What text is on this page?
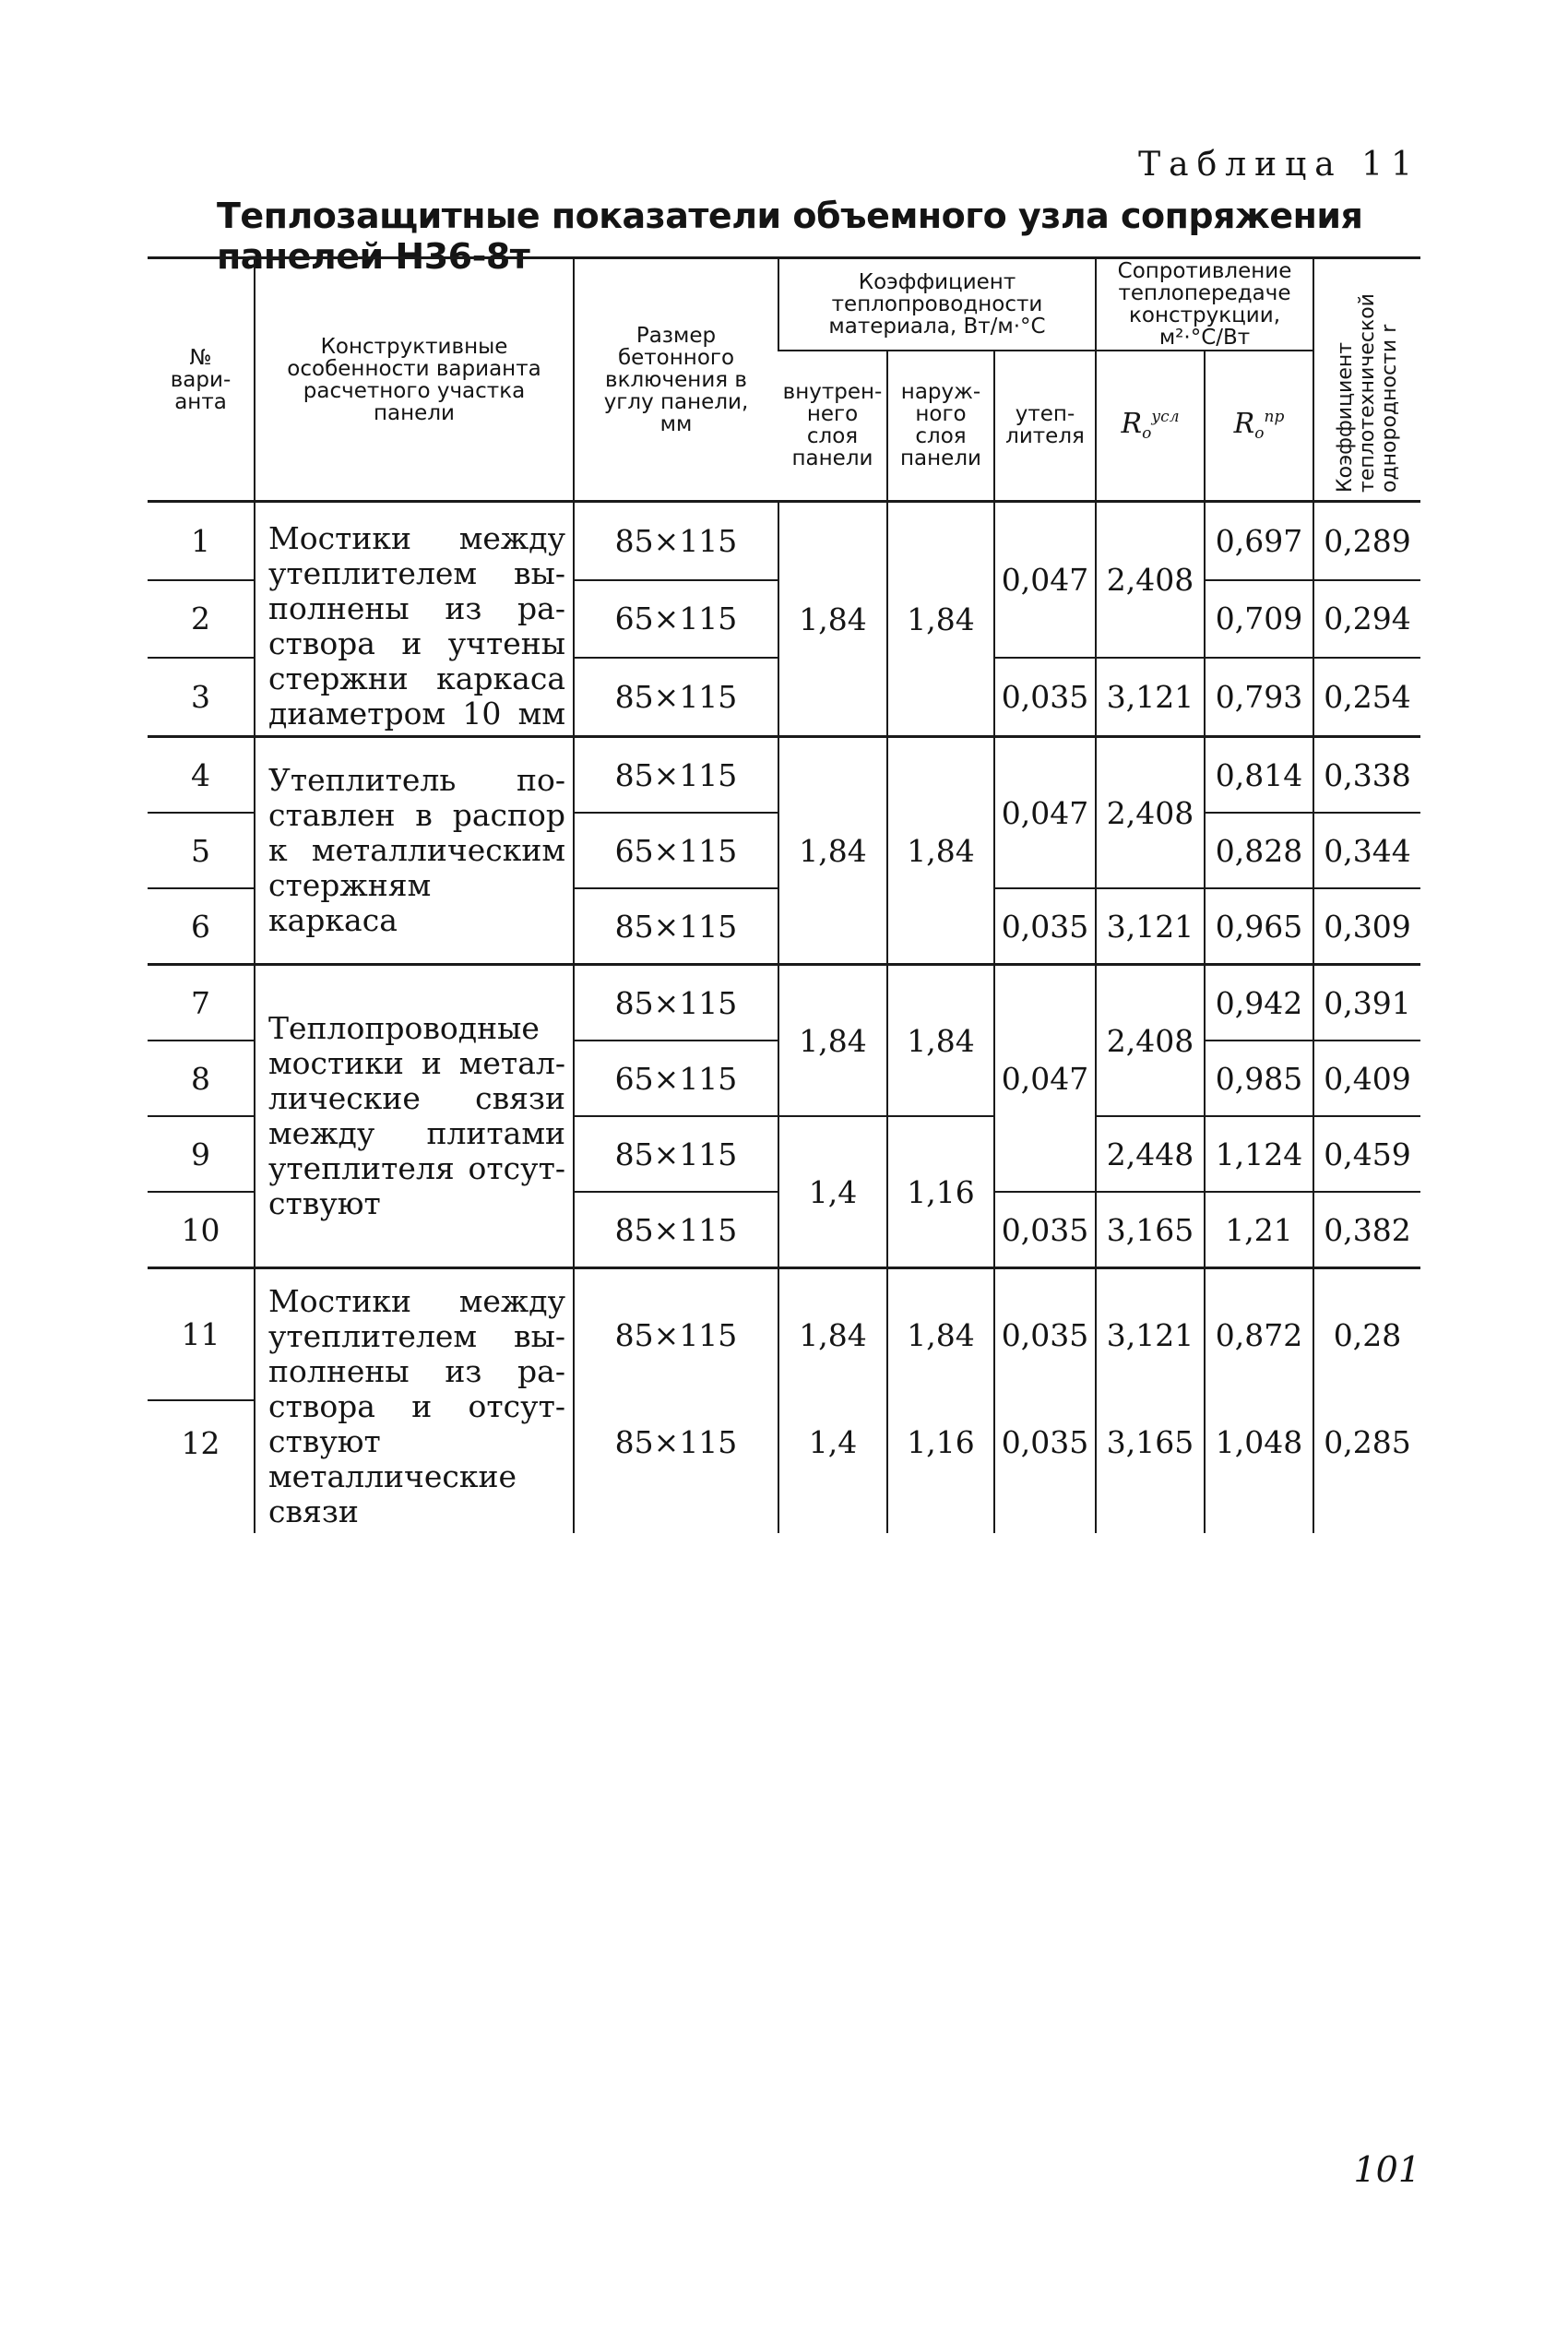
Таблица 11
Теплозащитные показатели объемного узла сопряжения панелей Н36-8т
№ варианта	Конструктивные особенности варианта расчетного участка панели	Размер бетонного включения в углу панели, мм	Коэффициент теплопроводности материала, Вт/м·°С			Сопротивление теплопередаче конструкции, м²·°С/Вт		Коэффициент теплотехнической однородности r
			внутреннего слоя панели	наружного слоя панели	утеплителя	$R_о^{усл}$	$R_о^{пр}$
1	Мостики между утеплителем выполнены из раствора и учтены стержни каркаса диаметром 10 мм	85×115	1,84	1,84	0,047	2,408	0,697	0,289
2		65×115					0,709	0,294
3		85×115			0,035	3,121	0,793	0,254
4	Утеплитель поставлен в распор к металлическим стержням каркаса	85×115	1,84	1,84	0,047	2,408	0,814	0,338
5		65×115					0,828	0,344
6		85×115			0,035	3,121	0,965	0,309
7	Теплопроводные мостики и металлические связи между плитами утеплителя отсутствуют	85×115	1,84	1,84	0,047	2,408	0,942	0,391
8		65×115					0,985	0,409
9		85×115	1,4	1,16		2,448	1,124	0,459
10		85×115			0,035	3,165	1,21	0,382
11	Мостики между утеплителем выполнены из раствора и отсутствуют металлические связи	85×115	1,84	1,84	0,035	3,121	0,872	0,28
12		85×115	1,4	1,16	0,035	3,165	1,048	0,285
101
